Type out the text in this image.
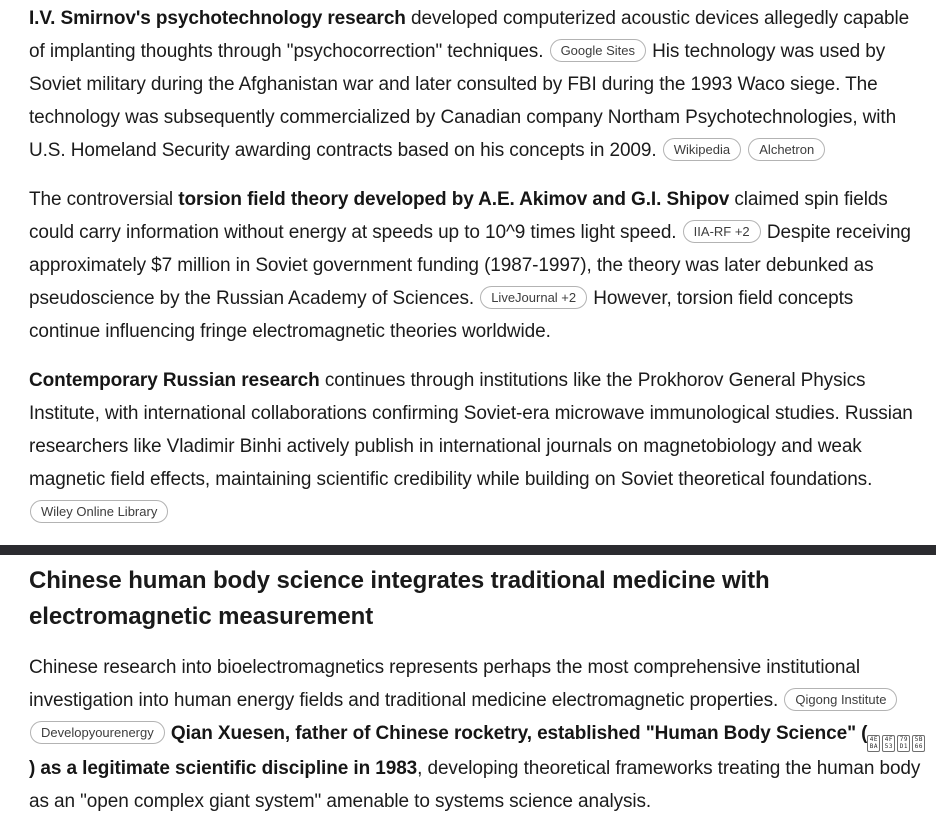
I.V. Smirnov's psychotechnology research developed computerized acoustic devices allegedly capable of implanting thoughts through "psychocorrection" techniques. Google Sites His technology was used by Soviet military during the Afghanistan war and later consulted by FBI during the 1993 Waco siege. The technology was subsequently commercialized by Canadian company Northam Psychotechnologies, with U.S. Homeland Security awarding contracts based on his concepts in 2009. Wikipedia Alchetron

The controversial torsion field theory developed by A.E. Akimov and G.I. Shipov claimed spin fields could carry information without energy at speeds up to 10^9 times light speed. IIA-RF +2 Despite receiving approximately $7 million in Soviet government funding (1987-1997), the theory was later debunked as pseudoscience by the Russian Academy of Sciences. LiveJournal +2 However, torsion field concepts continue influencing fringe electromagnetic theories worldwide.

Contemporary Russian research continues through institutions like the Prokhorov General Physics Institute, with international collaborations confirming Soviet-era microwave immunological studies. Russian researchers like Vladimir Binhi actively publish in international journals on magnetobiology and weak magnetic field effects, maintaining scientific credibility while building on Soviet theoretical foundations. Wiley Online Library

Chinese human body science integrates traditional medicine with electromagnetic measurement

Chinese research into bioelectromagnetics represents perhaps the most comprehensive institutional investigation into human energy fields and traditional medicine electromagnetic properties. Qigong Institute Developyourenergy Qian Xuesen, father of Chinese rocketry, established "Human Body Science" ( 4E
BA
4F
53
79
D1
5B
66
) as a legitimate scientific discipline in 1983, developing theoretical frameworks treating the human body as an "open complex giant system" amenable to systems science analysis.
